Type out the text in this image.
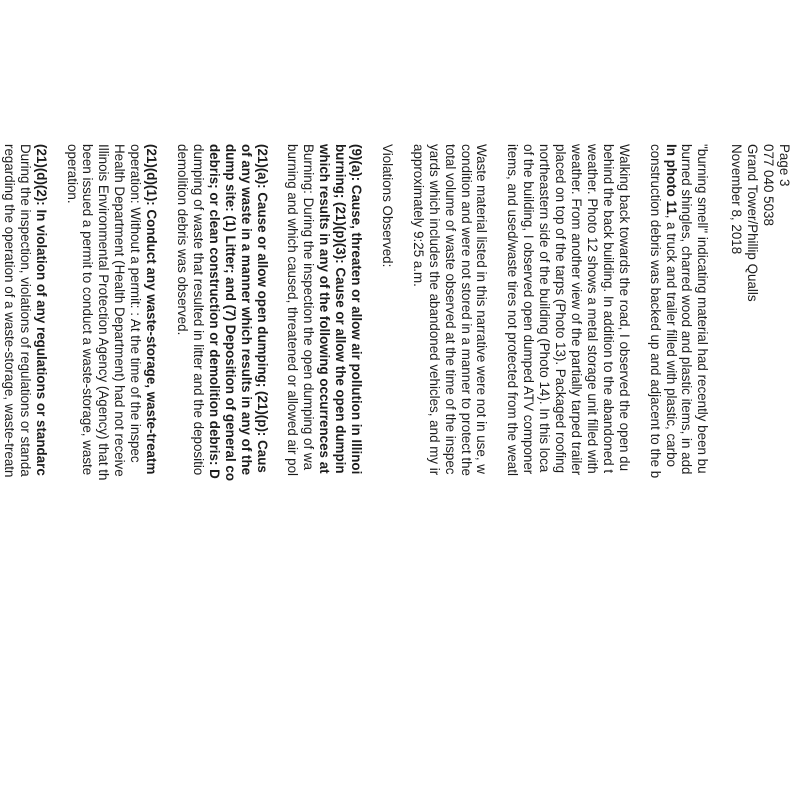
Page 3
077 040 5038
Grand Tower/Phillip Qualls
November 8, 2018

"burning smell" indicating material had recently been bu
burned shingles, charred wood and plastic items, in add
In photo 11, a truck and trailer filled with plastic, carbo
construction debris was backed up and adjacent to the b

Walking back towards the road, I observed the open du
behind the back building. In addition to the abandoned t
weather. Photo 12 shows a metal storage unit filled with
weather. From another view of the partially tarped trailer
placed on top of the tarps (Photo 13). Packaged roofing
northeastern side of the building (Photo 14). In this loca
of the building, I observed open dumped ATV componer
items, and used/waste tires not protected from the weatl

Waste material listed in this narrative were not in use, w
condition and were not stored in a manner to protect the
total volume of waste observed at the time of the inspec
yards which includes the abandoned vehicles, and my ir
approximately 9:25 a.m.

Violations Observed:

(9)(a): Cause, threaten or allow air pollution in Illinoi
burning; (21)(p)(3): Cause or allow the open dumpin
which results in any of the following occurrences at
Burning: During the inspection the open dumping of wa
burning and which caused, threatened or allowed air pol

(21)(a): Cause or allow open dumping; (21)(p): Caus
of any waste in a manner which results in any of the
dump site: (1) Litter; and (7) Deposition of general co
debris; or clean construction or demolition debris: D
dumping of waste that resulted in litter and the depositio
demolition debris was observed.

(21)(d)(1): Conduct any waste-storage, waste-treatm
operation: Without a permit: : At the time of the inspec
Health Department (Health Department) had not receive
Illinois Environmental Protection Agency (Agency) that th
been issued a permit to conduct a waste-storage, waste
operation.

(21)(d)(2): In violation of any regulations or standarc
During the inspection, violations of regulations or standa
regarding the operation of a waste-storage, waste-treatn
